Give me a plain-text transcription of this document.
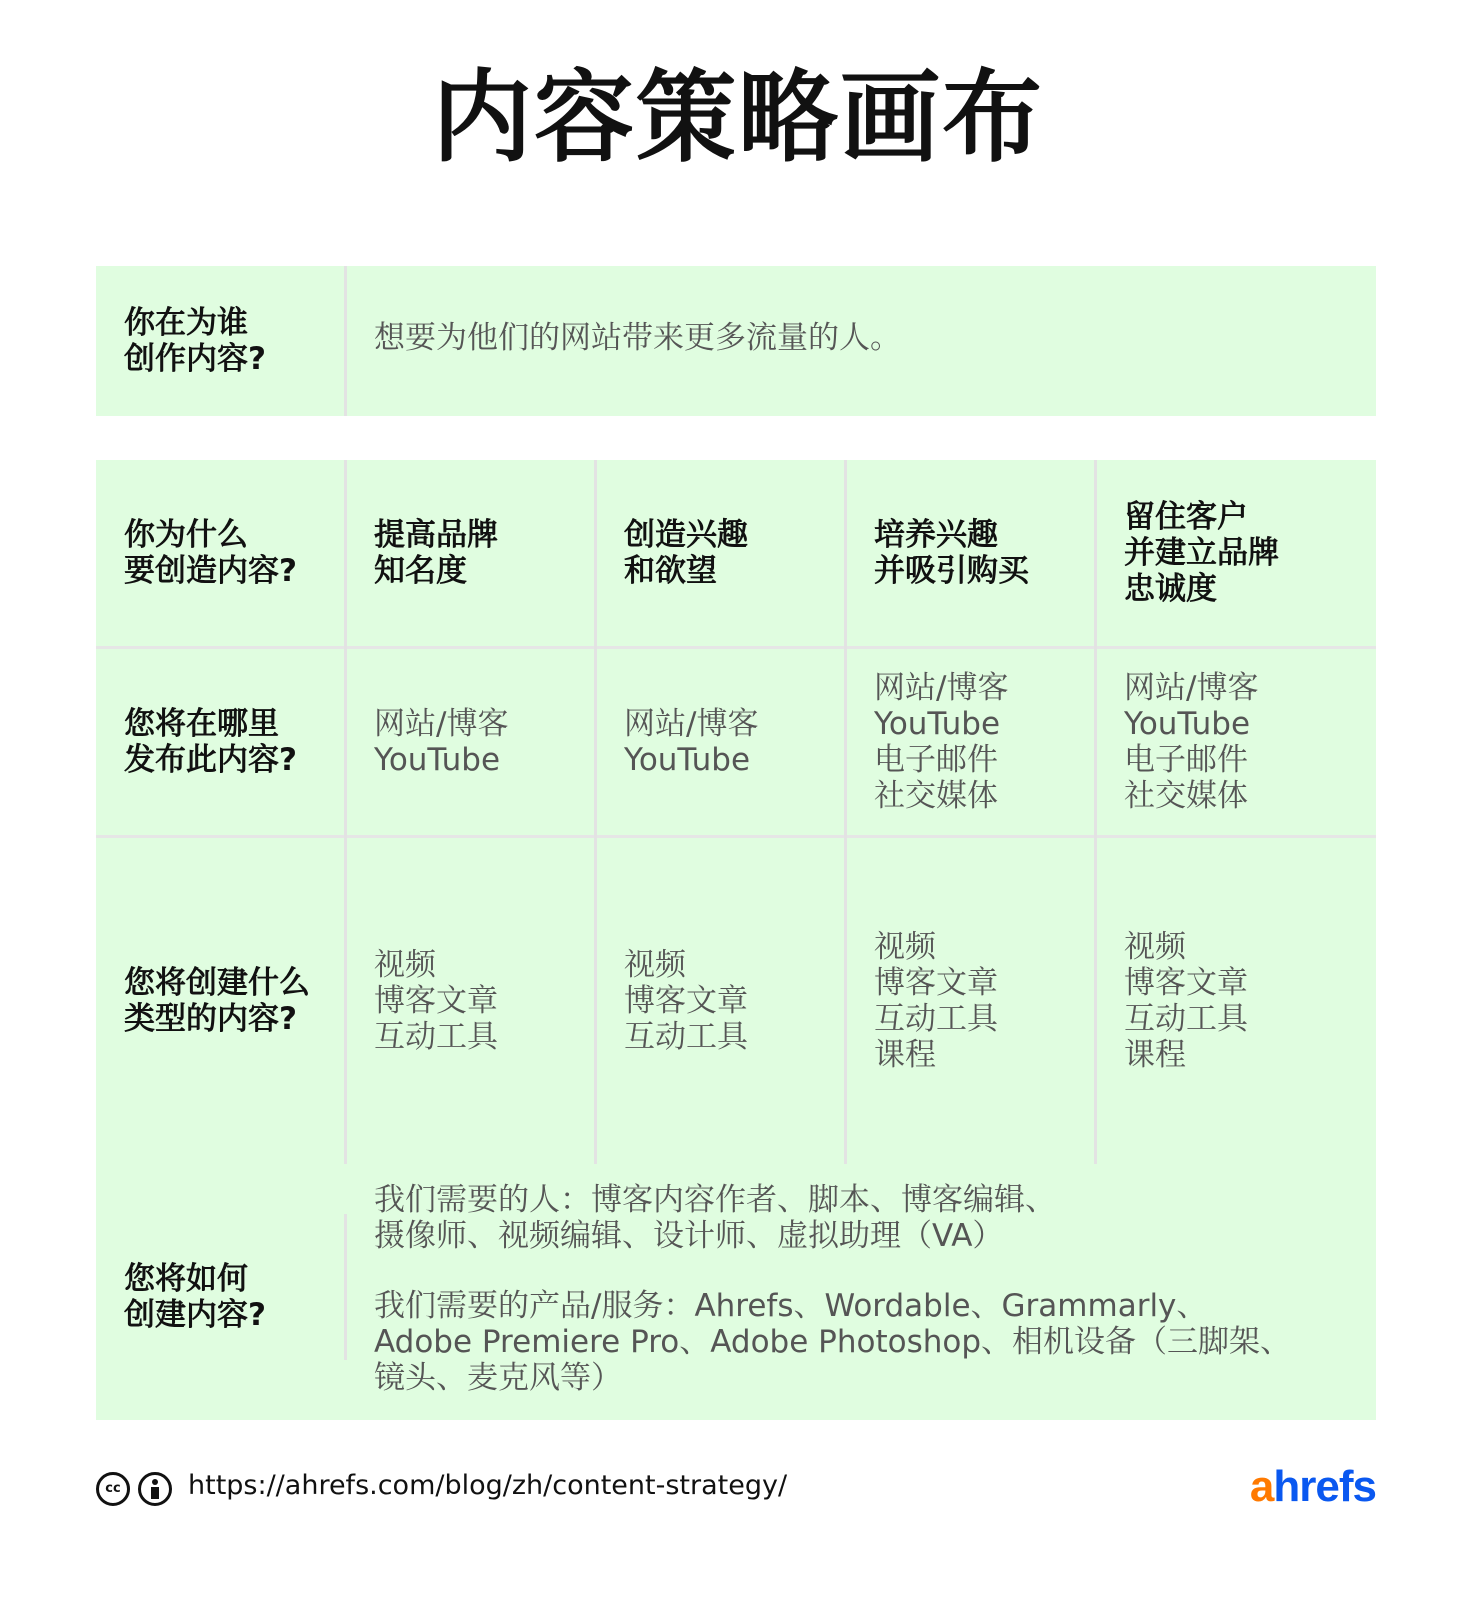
内容策略画布
你在为谁
创作内容?
想要为他们的网站带来更多流量的人。
你为什么
要创造内容?
提高品牌
知名度
创造兴趣
和欲望
培养兴趣
并吸引购买
留住客户
并建立品牌
忠诚度
您将在哪里
发布此内容?
网站/博客
YouTube
网站/博客
YouTube
网站/博客
YouTube
电子邮件
社交媒体
网站/博客
YouTube
电子邮件
社交媒体
您将创建什么
类型的内容?
视频
博客文章
互动工具
视频
博客文章
互动工具
视频
博客文章
互动工具
课程
视频
博客文章
互动工具
课程
您将如何
创建内容?
我们需要的人：博客内容作者、脚本、博客编辑、
摄像师、视频编辑、设计师、虚拟助理（VA）
我们需要的产品/服务：Ahrefs、Wordable、Grammarly、
Adobe Premiere Pro、Adobe Photoshop、相机设备（三脚架、
镜头、麦克风等）
cc	https://ahrefs.com/blog/zh/content-strategy/	ahrefs
